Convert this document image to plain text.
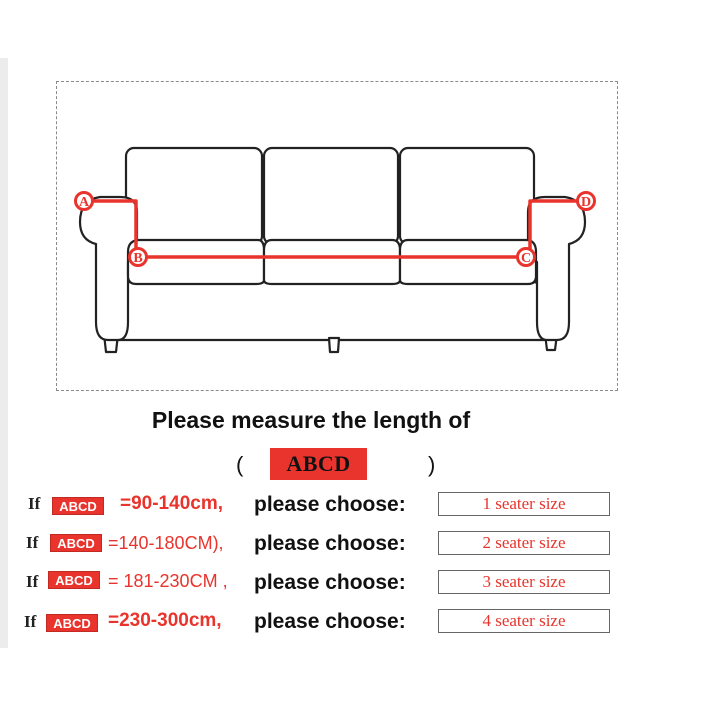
A
B	C
D
Please measure the length of
(	ABCD	)
If	ABCD	=90-140cm, please choose:	1 seater size
If	ABCD =140-180CM), please choose:	2 seater size
If	ABCD = 181-230CM , please choose:	3 seater size
If	ABCD =230-300cm, please choose:	4 seater size
